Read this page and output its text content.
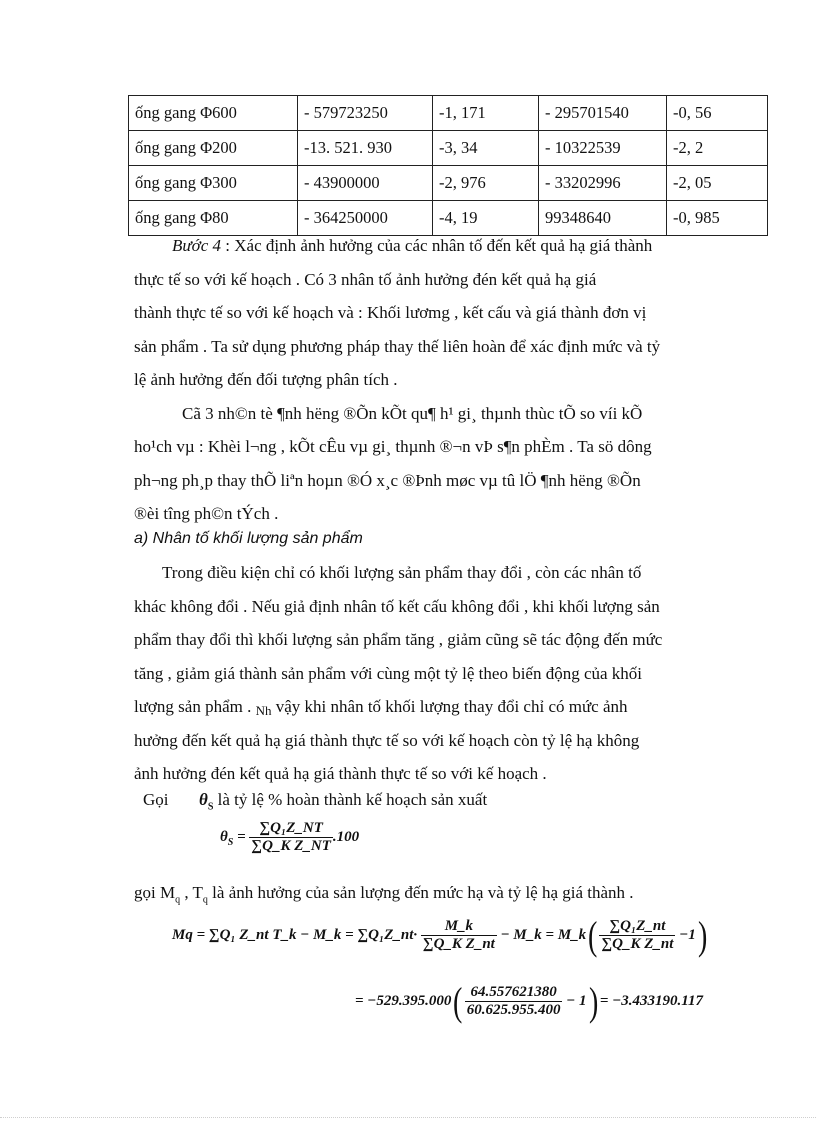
ống gang Φ600	- 579723250	-1, 171	- 295701540	-0, 56
ống gang Φ200	-13. 521. 930	-3, 34	- 10322539	-2, 2
ống gang Φ300	- 43900000	-2, 976	- 33202996	-2, 05
ống gang Φ80	- 364250000	-4, 19	99348640	-0, 985
Bước 4 : Xác định ảnh hưởng của các nhân tố đến kết quả hạ giá thành
thực tế so với kế hoạch . Có 3 nhân tố ảnh hưởng đén kết quả hạ giá
thành thực tế so với kế hoạch và : Khối lươmg , kết cấu và giá thành đơn vị
sản phẩm . Ta sử dụng phương pháp thay thế liên hoàn để xác định mức và tỷ
lệ ảnh hưởng đến đối tượng phân tích .
Cã 3 nh©n tè ¶nh hëng ®Õn kÕt qu¶ h¹ gi¸ thµnh thùc tÕ so víi kÕ
ho¹ch vµ : Khèi l¬ng , kÕt cÊu vµ gi¸ thµnh ®¬n vÞ s¶n phÈm . Ta sö dông
ph¬ng ph¸p thay thÕ liªn hoµn ®Ó x¸c ®Þnh møc vµ tû lÖ ¶nh hëng ®Õn
®èi tîng ph©n tÝch .
a) Nhân tố khối lượng sản phẩm
Trong điều kiện chỉ có khối lượng sản phẩm thay đổi , còn các nhân tố
khác không đổi . Nếu giả định nhân tố kết cấu không đổi , khi khối lượng sản
phẩm thay đổi thì khối lượng sản phẩm tăng , giảm cũng sẽ tác động đến mức
tăng , giảm giá thành sản phẩm với cùng một tỷ lệ theo biến động của khối
lượng sản phẩm . Nh vậy khi nhân tố khối lượng thay đổi chỉ có mức ảnh
hưởng đến kết quả hạ giá thành thực tế so với kế hoạch còn tỷ lệ hạ không
ảnh hưởng đén kết quả hạ giá thành thực tế so với kế hoạch .
Gọi $\theta_S$ là tỷ lệ % hoàn thành kế hoạch sản xuất
$\theta_S = \frac{\text{∑Q₁Z\_NT}}{\text{∑Q\_K Z\_NT}} .100$
gọi $M_q$ , $T_q$ là ảnh hưởng của sản lượng đến mức hạ và tỷ lệ hạ giá thành .
Mq = ∑Q₁ Z_nt T_k − M_k = ∑Q₁Z_nt· $\frac{M\_k}{\text{∑Q\_K Z\_nt}}$ − M_k = M_k( $\frac{\text{∑Q₁Z\_nt}}{\text{∑Q\_K Z\_nt}} -1$)
= $-529.395.000( \frac{64.557621380}{60.625.955.400} - 1) = -3.433190.117$
